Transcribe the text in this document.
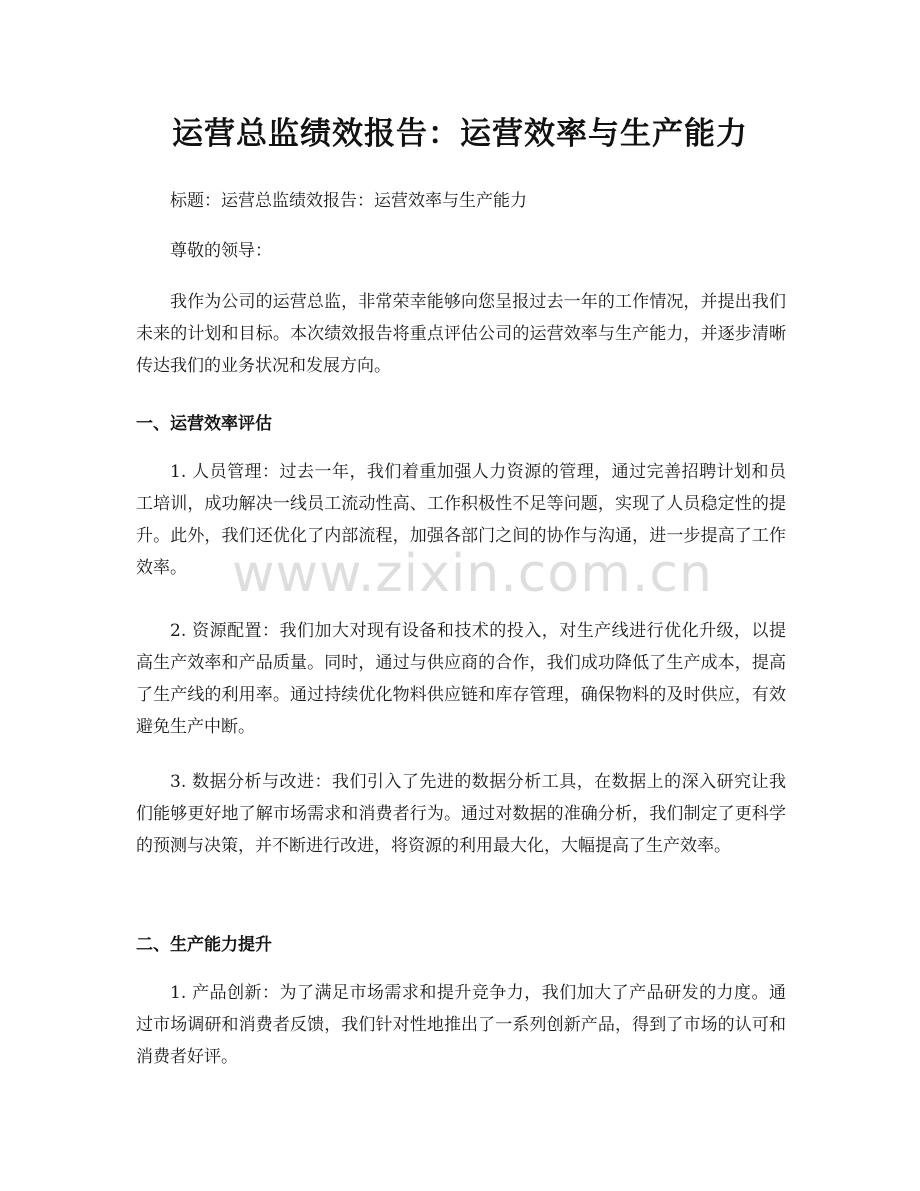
运营总监绩效报告：运营效率与生产能力

标题：运营总监绩效报告：运营效率与生产能力

尊敬的领导：

我作为公司的运营总监，非常荣幸能够向您呈报过去一年的工作情况，并提出我们未来的计划和目标。本次绩效报告将重点评估公司的运营效率与生产能力，并逐步清晰传达我们的业务状况和发展方向。

一、运营效率评估

1. 人员管理：过去一年，我们着重加强人力资源的管理，通过完善招聘计划和员工培训，成功解决一线员工流动性高、工作积极性不足等问题，实现了人员稳定性的提升。此外，我们还优化了内部流程，加强各部门之间的协作与沟通，进一步提高了工作效率。

2. 资源配置：我们加大对现有设备和技术的投入，对生产线进行优化升级，以提高生产效率和产品质量。同时，通过与供应商的合作，我们成功降低了生产成本，提高了生产线的利用率。通过持续优化物料供应链和库存管理，确保物料的及时供应，有效避免生产中断。

3. 数据分析与改进：我们引入了先进的数据分析工具，在数据上的深入研究让我们能够更好地了解市场需求和消费者行为。通过对数据的准确分析，我们制定了更科学的预测与决策，并不断进行改进，将资源的利用最大化，大幅提高了生产效率。

二、生产能力提升

1. 产品创新：为了满足市场需求和提升竞争力，我们加大了产品研发的力度。通过市场调研和消费者反馈，我们针对性地推出了一系列创新产品，得到了市场的认可和消费者好评。

www.zixin.com.cn
